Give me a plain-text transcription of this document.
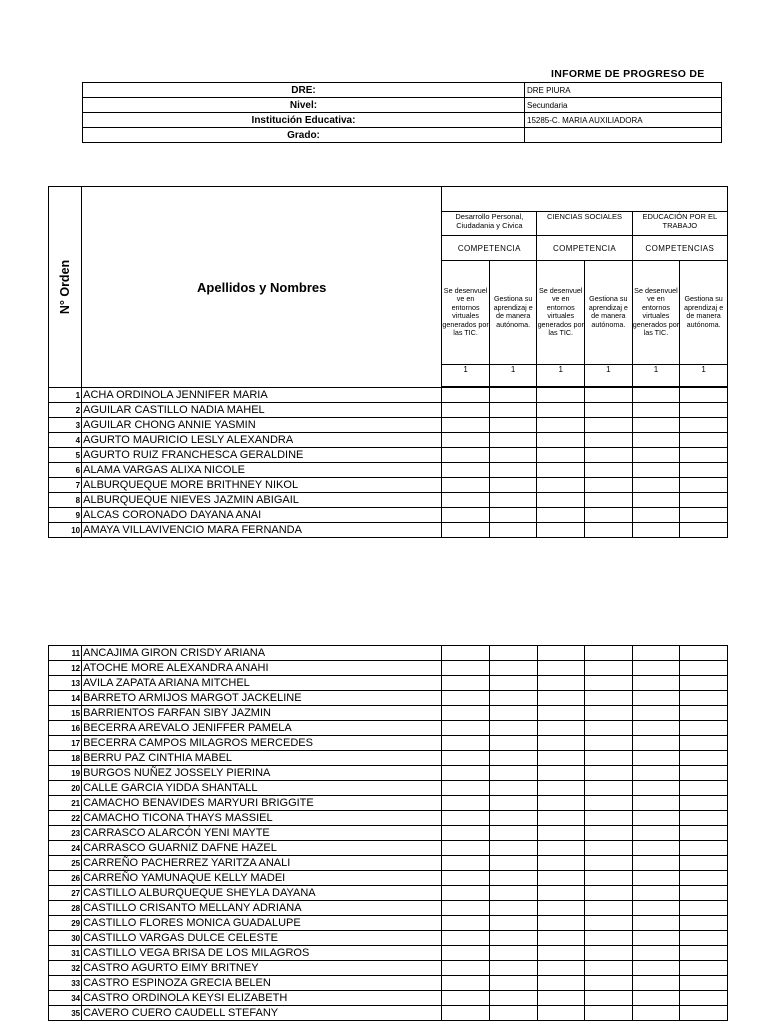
INFORME DE PROGRESO DE
DRE:	DRE PIURA
Nivel:	Secundaria
Institución Educativa:	15285-C. MARIA AUXILIADORA
Grado:	
N° Orden	Apellidos y Nombres						
		Desarrollo Personal, Ciudadania y Civica		CIENCIAS SOCIALES		EDUCACIÓN POR EL TRABAJO	
		COMPETENCIA		COMPETENCIA		COMPETENCIAS	
		Se desenvuel ve en entornos virtuales generados por las TIC.	Gestiona su aprendizaj e de manera autónoma.	Se desenvuel ve en entornos virtuales generados por las TIC.	Gestiona su aprendizaj e de manera autónoma.	Se desenvuel ve en entornos virtuales generados por las TIC.	Gestiona su aprendizaj e de manera autónoma.
		1	1	1	1	1	1

1	ACHA ORDINOLA JENNIFER MARIA						
2	AGUILAR CASTILLO NADIA MAHEL						
3	AGUILAR CHONG ANNIE YASMIN						
4	AGURTO MAURICIO LESLY ALEXANDRA						
5	AGURTO RUIZ FRANCHESCA GERALDINE						
6	ALAMA VARGAS ALIXA NICOLE						
7	ALBURQUEQUE MORE BRITHNEY NIKOL						
8	ALBURQUEQUE NIEVES JAZMIN ABIGAIL						
9	ALCAS CORONADO DAYANA ANAI						
10	AMAYA VILLAVIVENCIO MARA FERNANDA						
11	ANCAJIMA GIRON CRISDY ARIANA						
12	ATOCHE MORE ALEXANDRA ANAHI						
13	AVILA ZAPATA ARIANA MITCHEL						
14	BARRETO ARMIJOS MARGOT JACKELINE						
15	BARRIENTOS FARFAN SIBY JAZMIN						
16	BECERRA AREVALO JENIFFER PAMELA						
17	BECERRA CAMPOS MILAGROS MERCEDES						
18	BERRU PAZ CINTHIA MABEL						
19	BURGOS NUÑEZ JOSSELY PIERINA						
20	CALLE GARCIA YIDDA SHANTALL						
21	CAMACHO BENAVIDES MARYURI BRIGGITE						
22	CAMACHO TICONA THAYS MASSIEL						
23	CARRASCO ALARCÓN YENI MAYTE						
24	CARRASCO GUARNIZ DAFNE HAZEL						
25	CARREÑO PACHERREZ YARITZA ANALI						
26	CARREÑO YAMUNAQUE KELLY MADEI						
27	CASTILLO ALBURQUEQUE SHEYLA DAYANA						
28	CASTILLO CRISANTO MELLANY ADRIANA						
29	CASTILLO FLORES MONICA GUADALUPE						
30	CASTILLO VARGAS DULCE CELESTE						
31	CASTILLO VEGA BRISA DE LOS MILAGROS						
32	CASTRO AGURTO EIMY BRITNEY						
33	CASTRO ESPINOZA GRECIA BELEN						
34	CASTRO ORDINOLA KEYSI ELIZABETH						
35	CAVERO CUERO CAUDELL STEFANY						
